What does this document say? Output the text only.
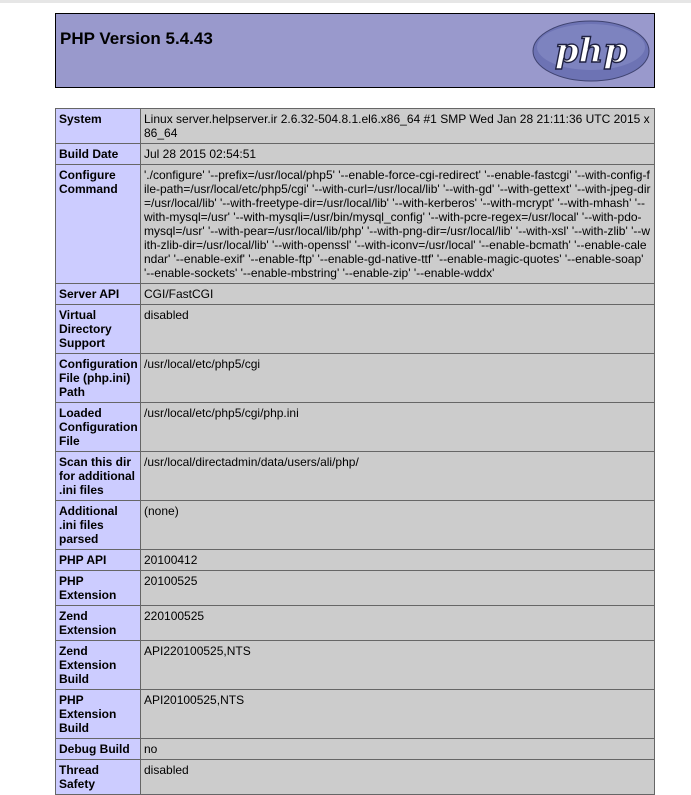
PHP Version 5.4.43	php
System	Linux server.helpserver.ir 2.6.32-504.8.1.el6.x86_64 #1 SMP Wed Jan 28 21:11:36 UTC 2015 x86_64
Build Date	Jul 28 2015 02:54:51
Configure Command	'./configure' '--prefix=/usr/local/php5' '--enable-force-cgi-redirect' '--enable-fastcgi' '--with-config-file-path=/usr/local/etc/php5/cgi' '--with-curl=/usr/local/lib' '--with-gd' '--with-gettext' '--with-jpeg-dir=/usr/local/lib' '--with-freetype-dir=/usr/local/lib' '--with-kerberos' '--with-mcrypt' '--with-mhash' '--with-mysql=/usr' '--with-mysqli=/usr/bin/mysql_config' '--with-pcre-regex=/usr/local' '--with-pdo-mysql=/usr' '--with-pear=/usr/local/lib/php' '--with-png-dir=/usr/local/lib' '--with-xsl' '--with-zlib' '--with-zlib-dir=/usr/local/lib' '--with-openssl' '--with-iconv=/usr/local' '--enable-bcmath' '--enable-calendar' '--enable-exif' '--enable-ftp' '--enable-gd-native-ttf' '--enable-magic-quotes' '--enable-soap' '--enable-sockets' '--enable-mbstring' '--enable-zip' '--enable-wddx'
Server API	CGI/FastCGI
Virtual Directory Support	disabled
Configuration File (php.ini) Path	/usr/local/etc/php5/cgi
Loaded Configuration File	/usr/local/etc/php5/cgi/php.ini
Scan this dir for additional .ini files	/usr/local/directadmin/data/users/ali/php/
Additional .ini files parsed	(none)
PHP API	20100412
PHP Extension	20100525
Zend Extension	220100525
Zend Extension Build	API220100525,NTS
PHP Extension Build	API20100525,NTS
Debug Build	no
Thread Safety	disabled
